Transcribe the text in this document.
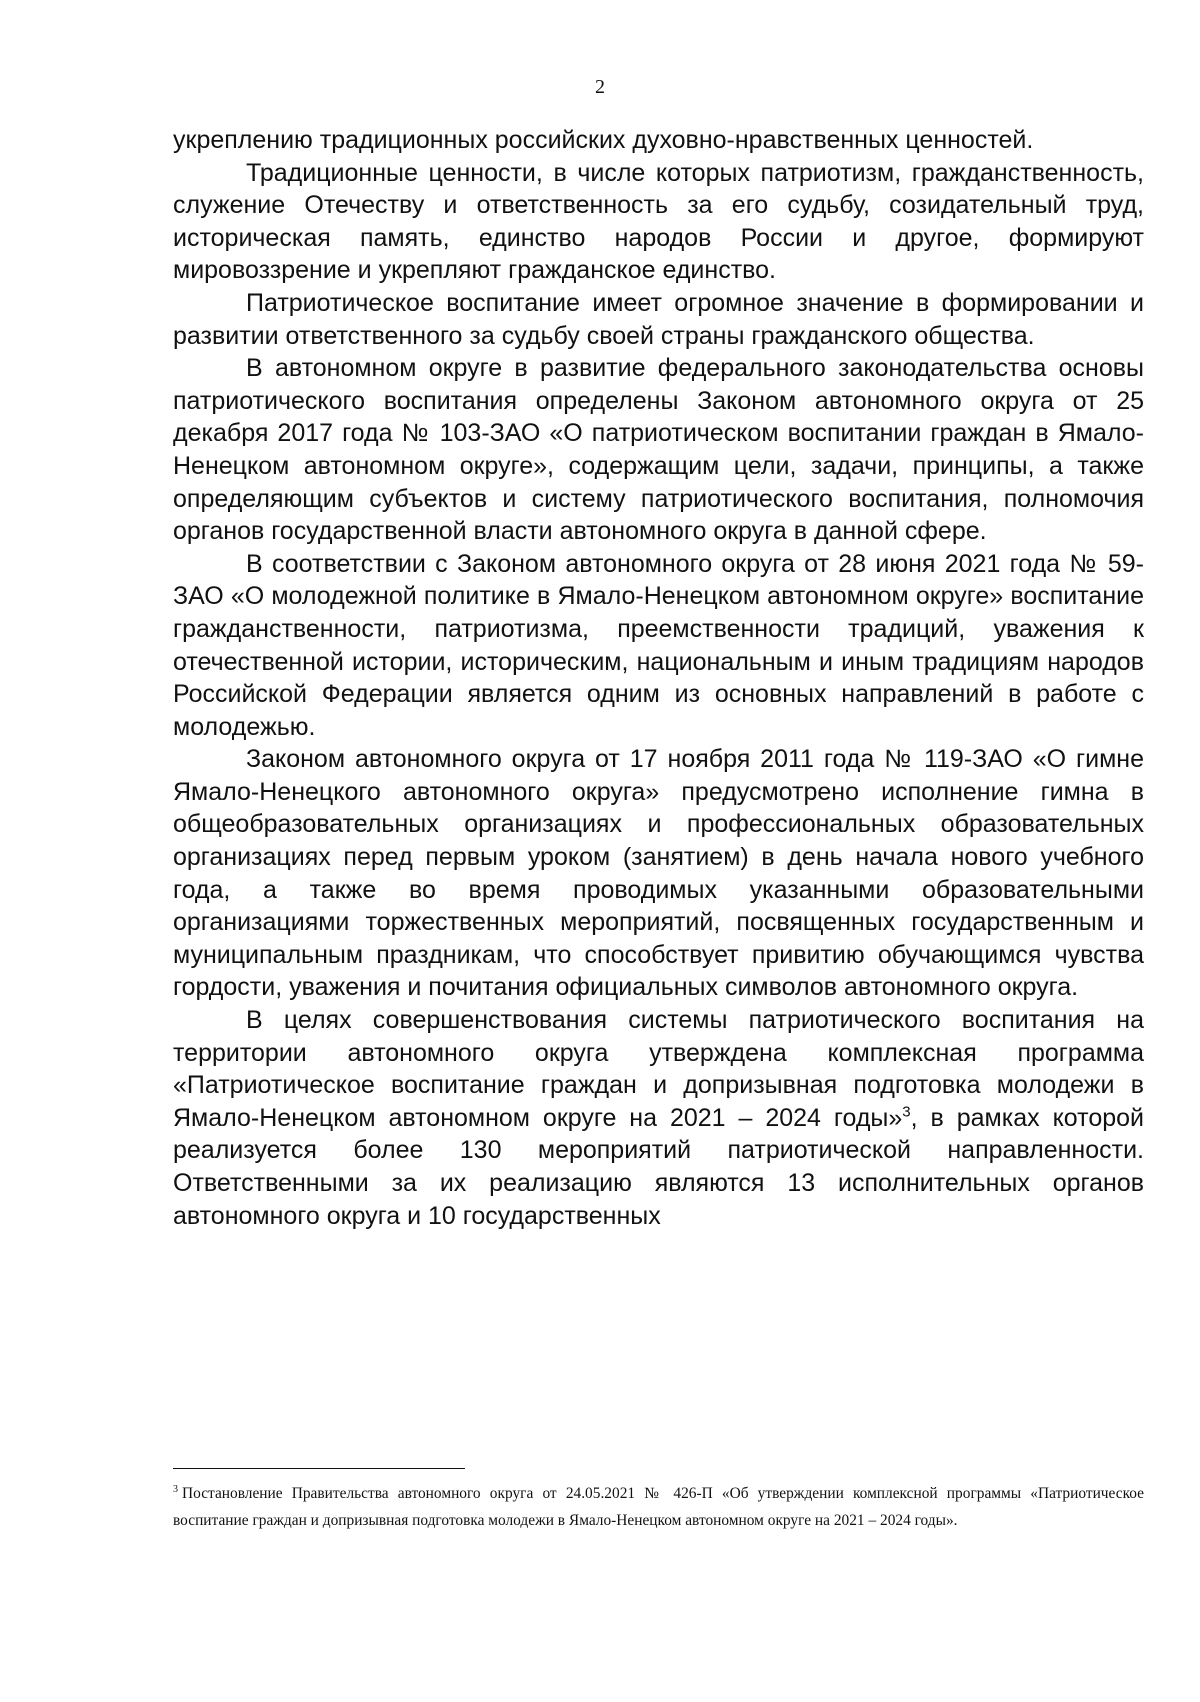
2

укреплению традиционных российских духовно-нравственных ценностей.

Традиционные ценности, в числе которых патриотизм, гражданственность, служение Отечеству и ответственность за его судьбу, созидательный труд, историческая память, единство народов России и другое, формируют мировоззрение и укрепляют гражданское единство.

Патриотическое воспитание имеет огромное значение в формировании и развитии ответственного за судьбу своей страны гражданского общества.

В автономном округе в развитие федерального законодательства основы патриотического воспитания определены Законом автономного округа от 25 декабря 2017 года № 103-ЗАО «О патриотическом воспитании граждан в Ямало-Ненецком автономном округе», содержащим цели, задачи, принципы, а также определяющим субъектов и систему патриотического воспитания, полномочия органов государственной власти автономного округа в данной сфере.

В соответствии с Законом автономного округа от 28 июня 2021 года № 59-ЗАО «О молодежной политике в Ямало-Ненецком автономном округе» воспитание гражданственности, патриотизма, преемственности традиций, уважения к отечественной истории, историческим, национальным и иным традициям народов Российской Федерации является одним из основных направлений в работе с молодежью.

Законом автономного округа от 17 ноября 2011 года № 119-ЗАО «О гимне Ямало-Ненецкого автономного округа» предусмотрено исполнение гимна в общеобразовательных организациях и профессиональных образовательных организациях перед первым уроком (занятием) в день начала нового учебного года, а также во время проводимых указанными образовательными организациями торжественных мероприятий, посвященных государственным и муниципальным праздникам, что способствует привитию обучающимся чувства гордости, уважения и почитания официальных символов автономного округа.

В целях совершенствования системы патриотического воспитания на территории автономного округа утверждена комплексная программа «Патриотическое воспитание граждан и допризывная подготовка молодежи в Ямало-Ненецком автономном округе на 2021 – 2024 годы»$^3$, в рамках которой реализуется более 130 мероприятий патриотической направленности. Ответственными за их реализацию являются 13 исполнительных органов автономного округа и 10 государственных

$^3$ Постановление Правительства автономного округа от 24.05.2021 № 426-П «Об утверждении комплексной программы «Патриотическое воспитание граждан и допризывная подготовка молодежи в Ямало-Ненецком автономном округе на 2021 – 2024 годы».
